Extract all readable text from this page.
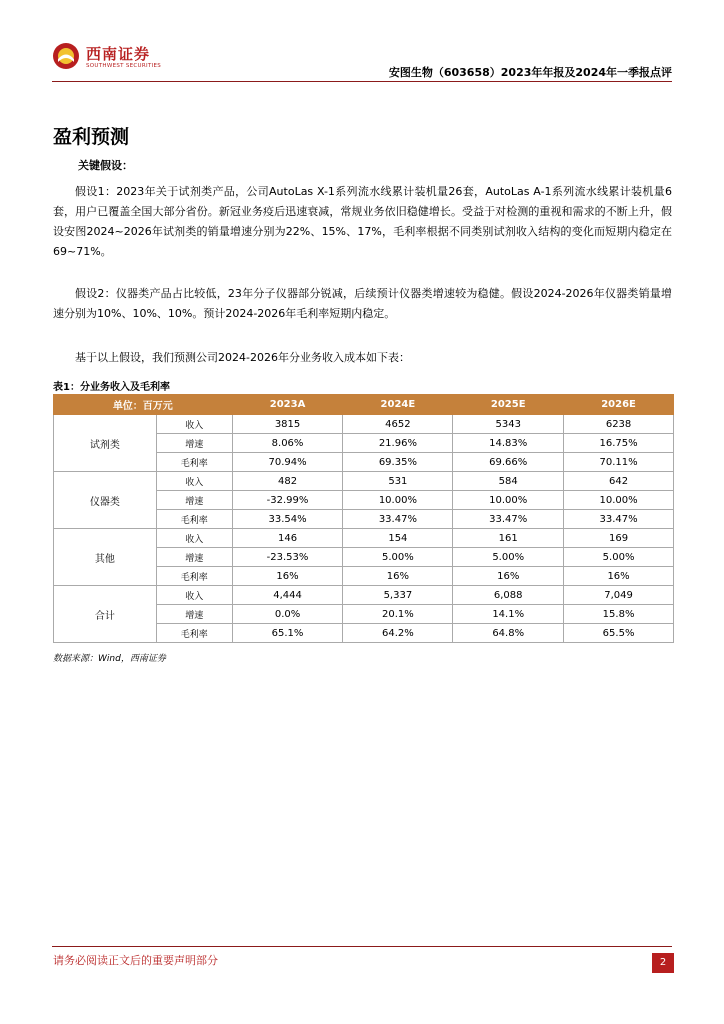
西南证券
SOUTHWEST SECURITIES	安图生物（603658）2023年年报及2024年一季报点评
盈利预测
关键假设：
假设1：2023年关于试剂类产品，公司AutoLas X-1系列流水线累计装机量26套，AutoLas A-1系列流水线累计装机量6套，用户已覆盖全国大部分省份。新冠业务疫后迅速衰减，常规业务依旧稳健增长。受益于对检测的重视和需求的不断上升，假设安图2024~2026年试剂类的销量增速分别为22%、15%、17%，毛利率根据不同类别试剂收入结构的变化而短期内稳定在69~71%。
假设2：仪器类产品占比较低，23年分子仪器部分锐减，后续预计仪器类增速较为稳健。假设2024-2026年仪器类销量增速分别为10%、10%、10%。预计2024-2026年毛利率短期内稳定。
基于以上假设，我们预测公司2024-2026年分业务收入成本如下表：
表1：分业务收入及毛利率
单位：百万元		2023A	2024E	2025E	2026E
试剂类	收入	3815	4652	5343	6238
	增速	8.06%	21.96%	14.83%	16.75%
	毛利率	70.94%	69.35%	69.66%	70.11%
仪器类	收入	482	531	584	642
	增速	-32.99%	10.00%	10.00%	10.00%
	毛利率	33.54%	33.47%	33.47%	33.47%
其他	收入	146	154	161	169
	增速	-23.53%	5.00%	5.00%	5.00%
	毛利率	16%	16%	16%	16%
合计	收入	4,444	5,337	6,088	7,049
	增速	0.0%	20.1%	14.1%	15.8%
	毛利率	65.1%	64.2%	64.8%	65.5%
数据来源：Wind，西南证券
请务必阅读正文后的重要声明部分	2
